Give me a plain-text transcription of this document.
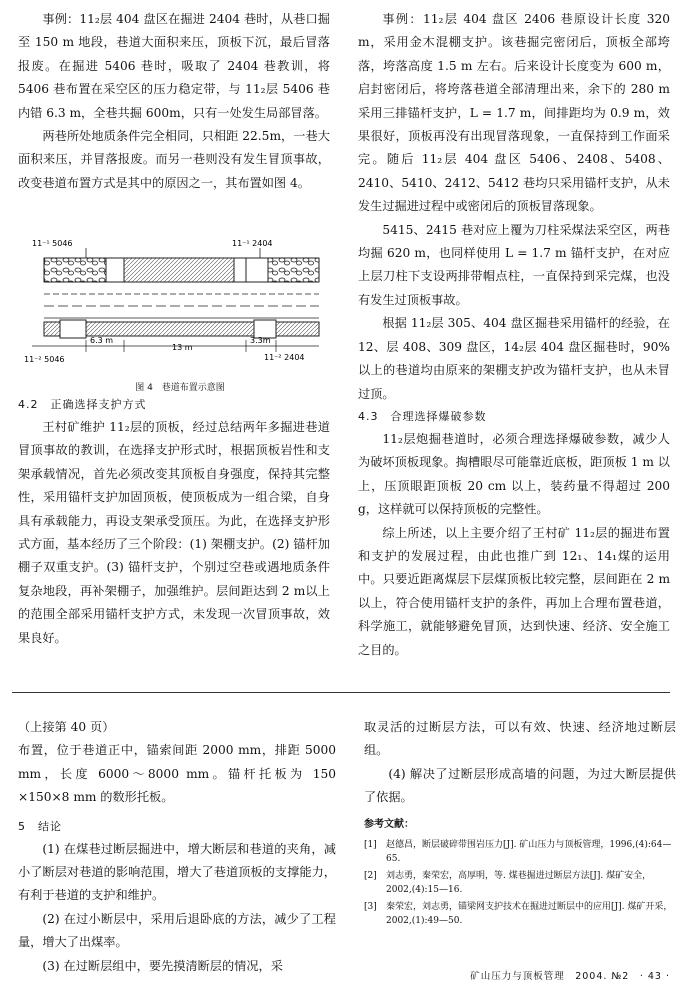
事例：11₂层 404 盘区在掘进 2404 巷时，从巷口掘至 150 m 地段，巷道大面积来压，顶板下沉，最后冒落报废。在掘进 5406 巷时，吸取了 2404 巷教训，将 5406 巷布置在采空区的压力稳定带，与 11₂层 5406 巷内错 6.3 m，全巷共掘 600m，只有一处发生局部冒落。

两巷所处地质条件完全相同，只相距 22.5m，一巷大面积来压，并冒落报废。而另一巷则没有发生冒顶事故，改变巷道布置方式是其中的原因之一，其布置如图 4。

11⁻¹ 5046	11⁻¹ 2404
6.3 m
13 m
3.3m
11⁻² 5046	11⁻² 2404
图 4　巷道布置示意图
4.2　正确选择支护方式

王村矿维护 11₂层的顶板，经过总结两年多掘进巷道冒顶事故的教训，在选择支护形式时，根据顶板岩性和支架承载情况，首先必须改变其顶板自身强度，保持其完整性，采用锚杆支护加固顶板，使顶板成为一组合梁，自身具有承载能力，再设支架承受顶压。为此，在选择支护形式方面，基本经历了三个阶段：(1) 架棚支护。(2) 锚杆加棚子双重支护。(3) 锚杆支护，个别过空巷或遇地质条件复杂地段，再补架棚子，加强维护。层间距达到 2 m以上的范围全部采用锚杆支护方式，未发现一次冒顶事故，效果良好。

事例：11₂层 404 盘区 2406 巷原设计长度 320 m，采用金木混棚支护。该巷掘完密闭后，顶板全部垮落，垮落高度 1.5 m 左右。后来设计长度变为 600 m，启封密闭后，将垮落巷道全部清理出来，余下的 280 m 采用三排锚杆支护，L = 1.7 m，间排距均为 0.9 m，效果很好，顶板再没有出现冒落现象，一直保持到工作面采完。随后 11₂层 404 盘区 5406、2408、5408、2410、5410、2412、5412 巷均只采用锚杆支护，从未发生过掘进过程中或密闭后的顶板冒落现象。

5415、2415 巷对应上覆为刀柱采煤法采空区，两巷均掘 620 m，也同样使用 L = 1.7 m 锚杆支护，在对应上层刀柱下支设两排带帽点柱，一直保持到采完煤，也没有发生过顶板事故。

根据 11₂层 305、404 盘区掘巷采用锚杆的经验，在 12、层 408、309 盘区，14₂层 404 盘区掘巷时，90% 以上的巷道均由原来的架棚支护改为锚杆支护，也从未冒过顶。

4.3　合理选择爆破参数

11₂层炮掘巷道时，必须合理选择爆破参数，减少人为破坏顶板现象。掏槽眼尽可能靠近底板，距顶板 1 m 以上，压顶眼距顶板 20 cm 以上，装药量不得超过 200 g，这样就可以保持顶板的完整性。

综上所述，以上主要介绍了王村矿 11₂层的掘进布置和支护的发展过程，由此也推广到 12₁、14₁煤的运用中。只要近距离煤层下层煤顶板比较完整，层间距在 2 m 以上，符合使用锚杆支护的条件，再加上合理布置巷道，科学施工，就能够避免冒顶，达到快速、经济、安全施工之目的。

（上接第 40 页）

布置，位于巷道正中，锚索间距 2000 mm，排距 5000 mm，长度 6000～8000 mm。锚杆托板为 150 ×150×8 mm 的数形托板。

5　结论

(1) 在煤巷过断层掘进中，增大断层和巷道的夹角，减小了断层对巷道的影响范围，增大了巷道顶板的支撑能力，有利于巷道的支护和维护。

(2) 在过小断层中，采用后退卧底的方法，减少了工程量，增大了出煤率。

(3) 在过断层组中，要先摸清断层的情况，采

取灵活的过断层方法，可以有效、快速、经济地过断层组。

(4) 解决了过断层形成高墙的问题，为过大断层提供了依据。

参考文献：
[1]	赵德昌，断层破碎带围岩压力[J]. 矿山压力与顶板管理，1996,(4):64—65.
[2]	刘志勇，秦荣宏，高厚明，等. 煤巷掘进过断层方法[J]. 煤矿安全，2002,(4):15—16.
[3]	秦荣宏，刘志勇，锚梁网支护技术在掘进过断层中的应用[J]. 煤矿开采，2002,(1):49—50.
矿山压力与顶板管理　2004. №2　· 43 ·
